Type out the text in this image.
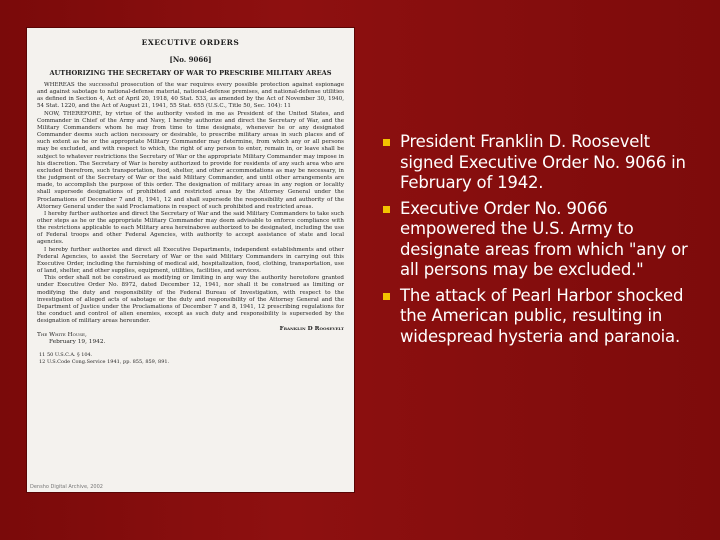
EXECUTIVE ORDERS
[No. 9066]
AUTHORIZING THE SECRETARY OF WAR TO PRESCRIBE MILITARY AREAS

WHEREAS the successful prosecution of the war requires every possible protection against espionage and against sabotage to national-defense material, national-defense premises, and national-defense utilities as defined in Section 4, Act of April 20, 1918, 40 Stat. 533, as amended by the Act of November 30, 1940, 54 Stat. 1220, and the Act of August 21, 1941, 55 Stat. 655 (U.S.C., Title 50, Sec. 104): 11

NOW, THEREFORE, by virtue of the authority vested in me as President of the United States, and Commander in Chief of the Army and Navy, I hereby authorize and direct the Secretary of War, and the Military Commanders whom he may from time to time designate, whenever he or any designated Commander deems such action necessary or desirable, to prescribe military areas in such places and of such extent as he or the appropriate Military Commander may determine, from which any or all persons may be excluded, and with respect to which, the right of any person to enter, remain in, or leave shall be subject to whatever restrictions the Secretary of War or the appropriate Military Commander may impose in his discretion. The Secretary of War is hereby authorized to provide for residents of any such area who are excluded therefrom, such transportation, food, shelter, and other accommodations as may be necessary, in the judgment of the Secretary of War or the said Military Commander, and until other arrangements are made, to accomplish the purpose of this order. The designation of military areas in any region or locality shall supersede designations of prohibited and restricted areas by the Attorney General under the Proclamations of December 7 and 8, 1941, 12 and shall supersede the responsibility and authority of the Attorney General under the said Proclamations in respect of such prohibited and restricted areas.

I hereby further authorize and direct the Secretary of War and the said Military Commanders to take such other steps as he or the appropriate Military Commander may deem advisable to enforce compliance with the restrictions applicable to each Military area hereinabove authorized to be designated, including the use of Federal troops and other Federal Agencies, with authority to accept assistance of state and local agencies.

I hereby further authorize and direct all Executive Departments, independent establishments and other Federal Agencies, to assist the Secretary of War or the said Military Commanders in carrying out this Executive Order, including the furnishing of medical aid, hospitalization, food, clothing, transportation, use of land, shelter, and other supplies, equipment, utilities, facilities, and services.

This order shall not be construed as modifying or limiting in any way the authority heretofore granted under Executive Order No. 8972, dated December 12, 1941, nor shall it be construed as limiting or modifying the duty and responsibility of the Federal Bureau of Investigation, with respect to the investigation of alleged acts of sabotage or the duty and responsibility of the Attorney General and the Department of Justice under the Proclamations of December 7 and 8, 1941, 12 prescribing regulations for the conduct and control of alien enemies, except as such duty and responsibility is superseded by the designation of military areas hereunder.

Franklin D Roosevelt
The White House,
February 19, 1942.
11 50 U.S.C.A. § 104.
12 U.S.Code Cong.Service 1941, pp. 855, 859, 891.
Densho Digital Archive, 2002
President Franklin D. Roosevelt signed Executive Order No. 9066 in February of 1942.
Executive Order No. 9066 empowered the U.S. Army to designate areas from which "any or all persons may be excluded."
The attack of Pearl Harbor shocked the American public, resulting in widespread hysteria and paranoia.
